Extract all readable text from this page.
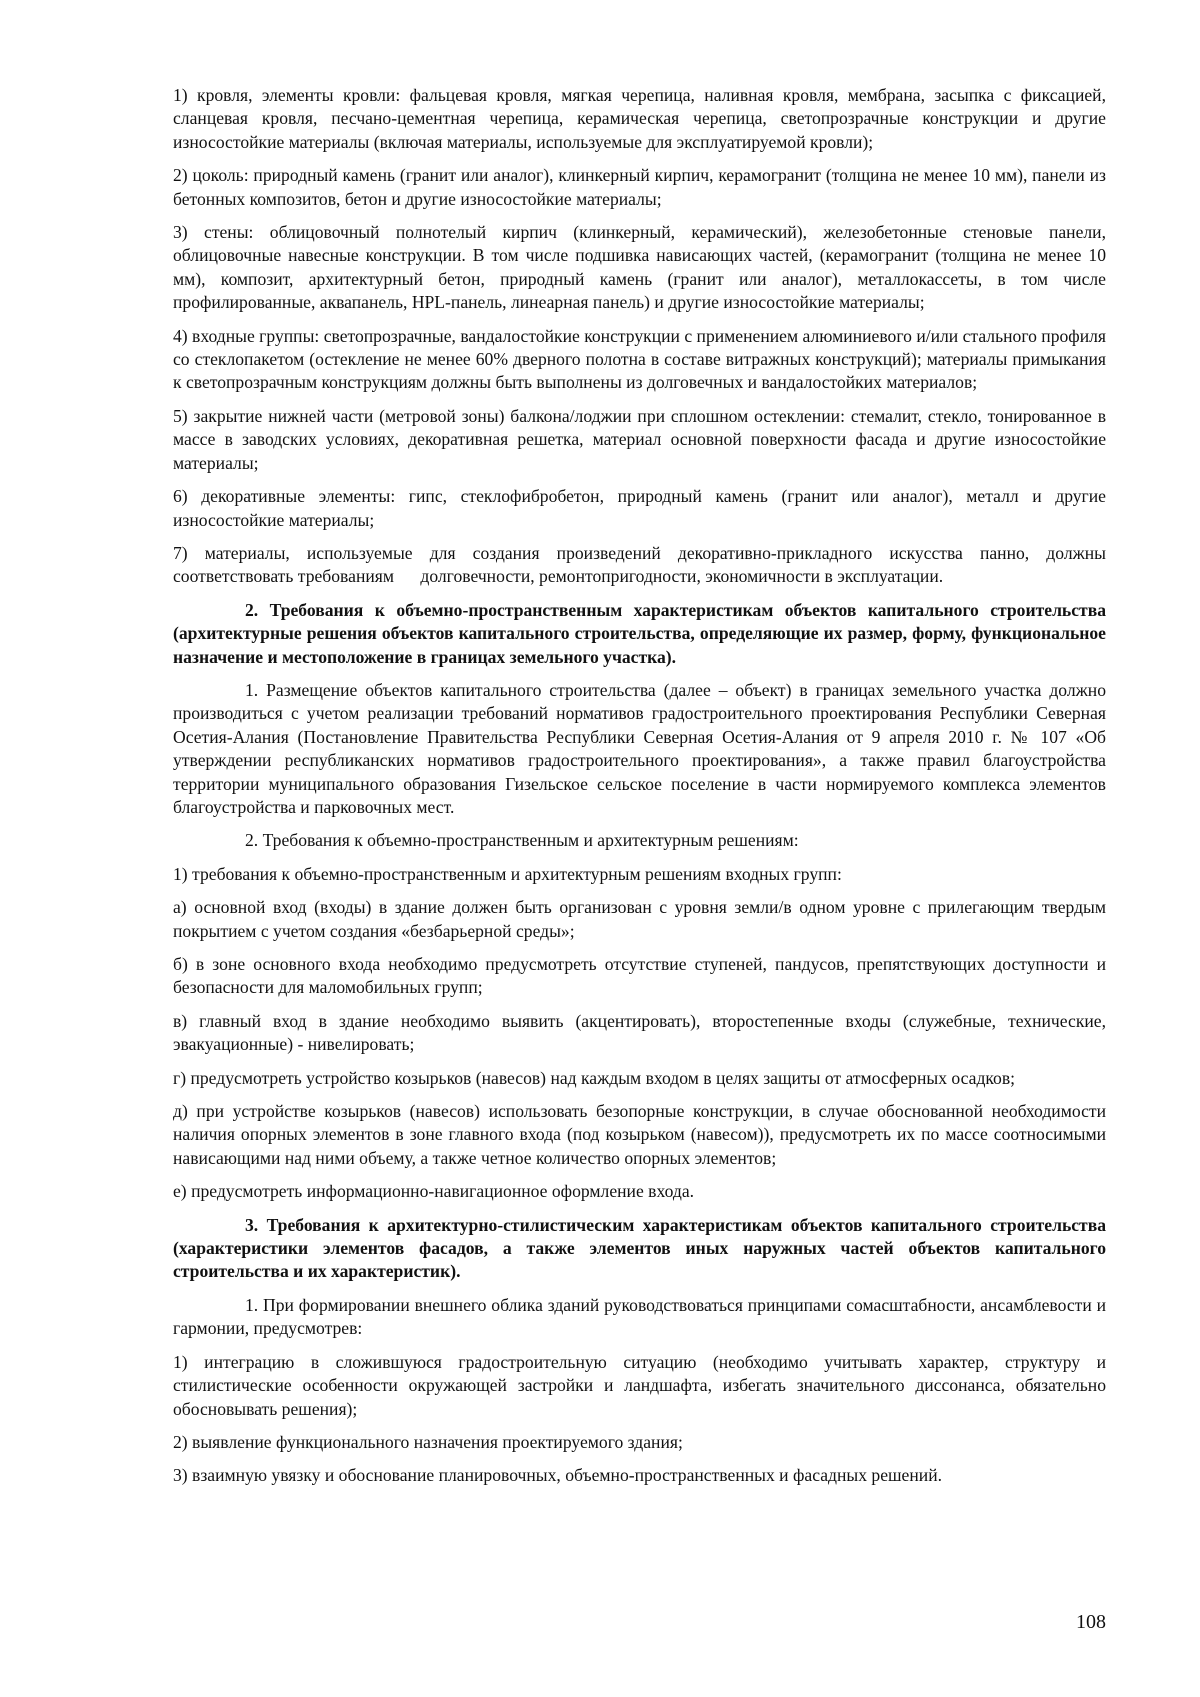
1) кровля, элементы кровли: фальцевая кровля, мягкая черепица, наливная кровля, мембрана, засыпка с фиксацией, сланцевая кровля, песчано-цементная черепица, керамическая черепица, светопрозрачные конструкции и другие износостойкие материалы (включая материалы, используемые для эксплуатируемой кровли);

2) цоколь: природный камень (гранит или аналог), клинкерный кирпич, керамогранит (толщина не менее 10 мм), панели из бетонных композитов, бетон и другие износостойкие материалы;

3) стены: облицовочный полнотелый кирпич (клинкерный, керамический), железобетонные стеновые панели, облицовочные навесные конструкции. В том числе подшивка нависающих частей, (керамогранит (толщина не менее 10 мм), композит, архитектурный бетон, природный камень (гранит или аналог), металлокассеты, в том числе профилированные, аквапанель, HPL-панель, линеарная панель) и другие износостойкие материалы;

4) входные группы: светопрозрачные, вандалостойкие конструкции с применением алюминиевого и/или стального профиля со стеклопакетом (остекление не менее 60% дверного полотна в составе витражных конструкций); материалы примыкания к светопрозрачным конструкциям должны быть выполнены из долговечных и вандалостойких материалов;

5) закрытие нижней части (метровой зоны) балкона/лоджии при сплошном остеклении: стемалит, стекло, тонированное в массе в заводских условиях, декоративная решетка, материал основной поверхности фасада и другие износостойкие материалы;

6) декоративные элементы: гипс, стеклофибробетон, природный камень (гранит или аналог), металл и другие износостойкие материалы;

7) материалы, используемые для создания произведений декоративно-прикладного искусства панно, должны соответствовать требованиям      долговечности, ремонтопригодности, экономичности в эксплуатации.

2. Требования к объемно-пространственным характеристикам объектов капитального строительства (архитектурные решения объектов капитального строительства, определяющие их размер, форму, функциональное назначение и местоположение в границах земельного участка).

1. Размещение объектов капитального строительства (далее – объект) в границах земельного участка должно производиться с учетом реализации требований нормативов градостроительного проектирования Республики Северная Осетия-Алания (Постановление Правительства Республики Северная Осетия-Алания от 9 апреля 2010 г. № 107 «Об утверждении республиканских нормативов градостроительного проектирования», а также правил благоустройства территории муниципального образования Гизельское сельское поселение в части нормируемого комплекса элементов благоустройства и парковочных мест.

2. Требования к объемно-пространственным и архитектурным решениям:

1) требования к объемно-пространственным и архитектурным решениям входных групп:

а) основной вход (входы) в здание должен быть организован с уровня земли/в одном уровне с прилегающим твердым покрытием с учетом создания «безбарьерной среды»;

б) в зоне основного входа необходимо предусмотреть отсутствие ступеней, пандусов, препятствующих доступности и безопасности для маломобильных групп;

в) главный вход в здание необходимо выявить (акцентировать), второстепенные входы (служебные, технические, эвакуационные) - нивелировать;

г) предусмотреть устройство козырьков (навесов) над каждым входом в целях защиты от атмосферных осадков;

д) при устройстве козырьков (навесов) использовать безопорные конструкции, в случае обоснованной необходимости наличия опорных элементов в зоне главного входа (под козырьком (навесом)), предусмотреть их по массе соотносимыми нависающими над ними объему, а также четное количество опорных элементов;

е) предусмотреть информационно-навигационное оформление входа.

3. Требования к архитектурно-стилистическим характеристикам объектов капитального строительства (характеристики элементов фасадов, а также элементов иных наружных частей объектов капитального строительства и их характеристик).

1. При формировании внешнего облика зданий руководствоваться принципами сомасштабности, ансамблевости и гармонии, предусмотрев:

1) интеграцию в сложившуюся градостроительную ситуацию (необходимо учитывать характер, структуру и стилистические особенности окружающей застройки и ландшафта, избегать значительного диссонанса, обязательно обосновывать решения);

2) выявление функционального назначения проектируемого здания;

3) взаимную увязку и обоснование планировочных, объемно-пространственных и фасадных решений.

108
